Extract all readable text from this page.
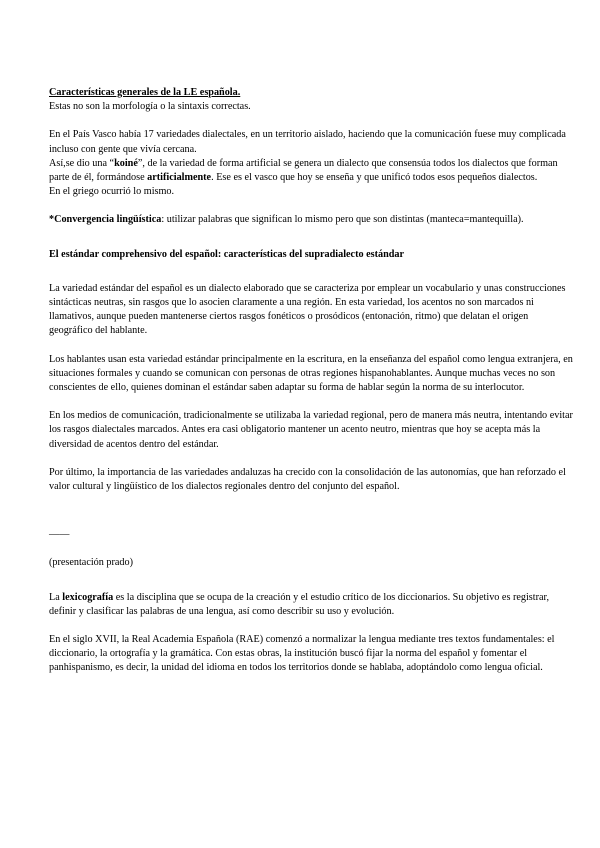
Características generales de la LE española.

Estas no son la morfología o la sintaxis correctas.

En el País Vasco había 17 variedades dialectales, en un territorio aislado, haciendo que la comunicación fuese muy complicada incluso con gente que vivía cercana.

Así,se dio una “koiné”, de la variedad de forma artificial se genera un dialecto que consensúa todos los dialectos que forman parte de él, formándose artificialmente. Ese es el vasco que hoy se enseña y que unificó todos esos pequeños dialectos.

En el griego ocurrió lo mismo.

*Convergencia lingüística: utilizar palabras que significan lo mismo pero que son distintas (manteca=mantequilla).

El estándar comprehensivo del español: características del supradialecto estándar

La variedad estándar del español es un dialecto elaborado que se caracteriza por emplear un vocabulario y unas construcciones sintácticas neutras, sin rasgos que lo asocien claramente a una región. En esta variedad, los acentos no son marcados ni llamativos, aunque pueden mantenerse ciertos rasgos fonéticos o prosódicos (entonación, ritmo) que delatan el origen geográfico del hablante.

Los hablantes usan esta variedad estándar principalmente en la escritura, en la enseñanza del español como lengua extranjera, en situaciones formales y cuando se comunican con personas de otras regiones hispanohablantes. Aunque muchas veces no son conscientes de ello, quienes dominan el estándar saben adaptar su forma de hablar según la norma de su interlocutor.

En los medios de comunicación, tradicionalmente se utilizaba la variedad regional, pero de manera más neutra, intentando evitar los rasgos dialectales marcados. Antes era casi obligatorio mantener un acento neutro, mientras que hoy se acepta más la diversidad de acentos dentro del estándar.

Por último, la importancia de las variedades andaluzas ha crecido con la consolidación de las autonomías, que han reforzado el valor cultural y lingüístico de los dialectos regionales dentro del conjunto del español.

——

(presentación prado)

La lexicografía es la disciplina que se ocupa de la creación y el estudio crítico de los diccionarios. Su objetivo es registrar, definir y clasificar las palabras de una lengua, así como describir su uso y evolución.

En el siglo XVII, la Real Academia Española (RAE) comenzó a normalizar la lengua mediante tres textos fundamentales: el diccionario, la ortografía y la gramática. Con estas obras, la institución buscó fijar la norma del español y fomentar el panhispanismo, es decir, la unidad del idioma en todos los territorios donde se hablaba, adoptándolo como lengua oficial.
